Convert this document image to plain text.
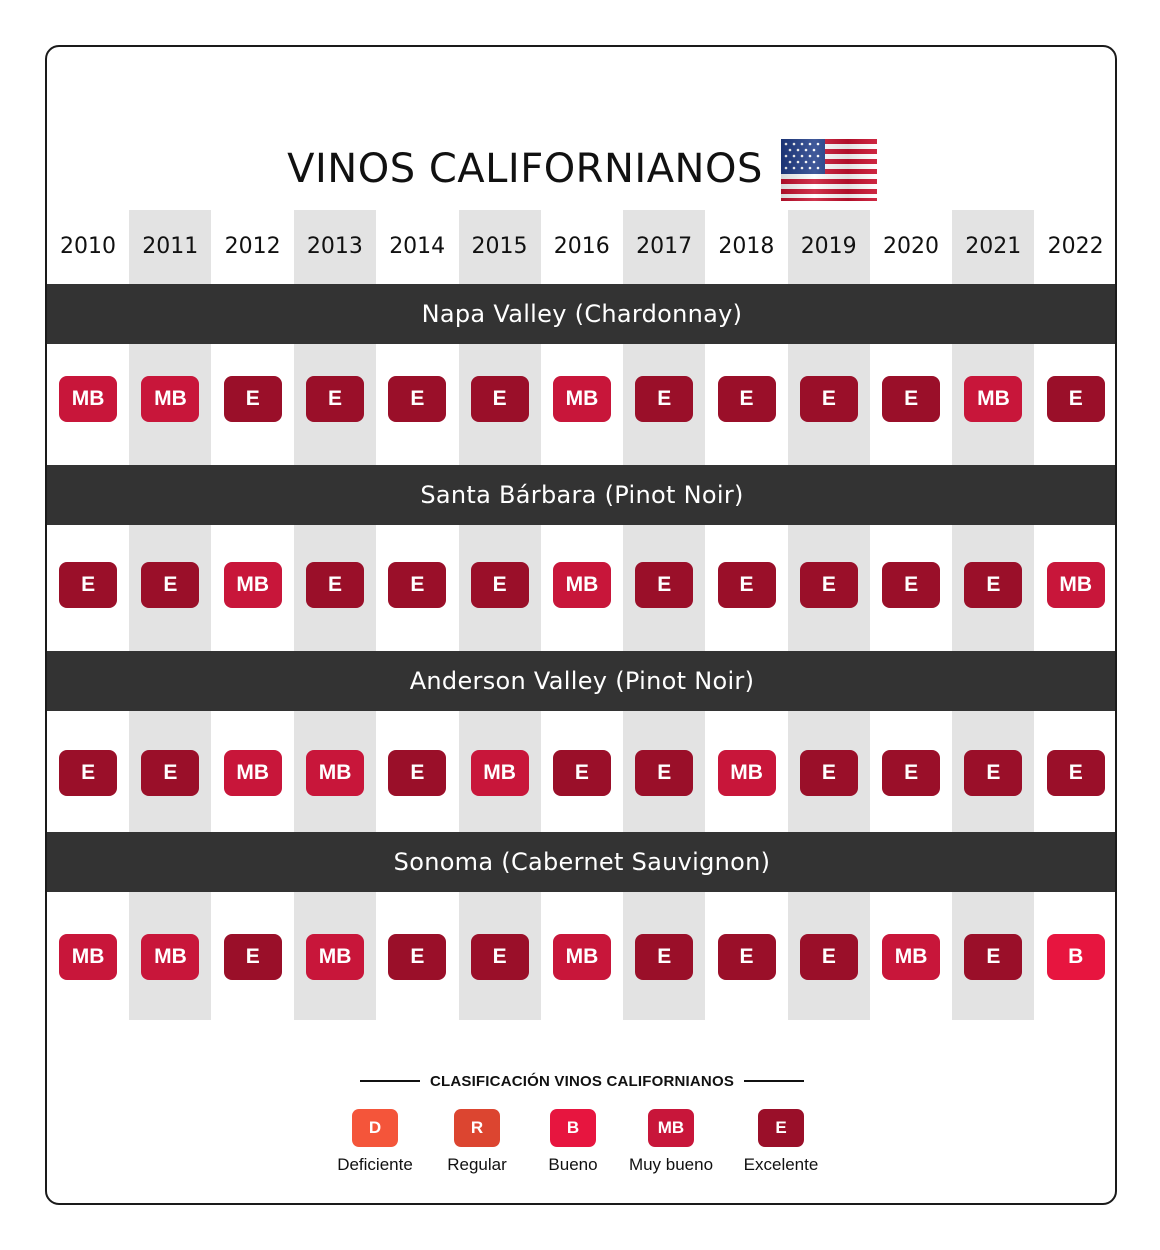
VINOS CALIFORNIANOS
2010	2011	2012	2013	2014	2015	2016	2017	2018	2019	2020	2021	2022
Napa Valley (Chardonnay)
MB	MB	E	E	E	E	MB	E	E	E	E	MB	E
Santa Bárbara (Pinot Noir)
E	E	MB	E	E	E	MB	E	E	E	E	E	MB
Anderson Valley (Pinot Noir)
E	E	MB	MB	E	MB	E	E	MB	E	E	E	E
Sonoma (Cabernet Sauvignon)
MB	MB	E	MB	E	E	MB	E	E	E	MB	E	B
CLASIFICACIÓN VINOS CALIFORNIANOS
D
Deficiente
R
Regular
B
Bueno
MB
Muy bueno
E
Excelente
